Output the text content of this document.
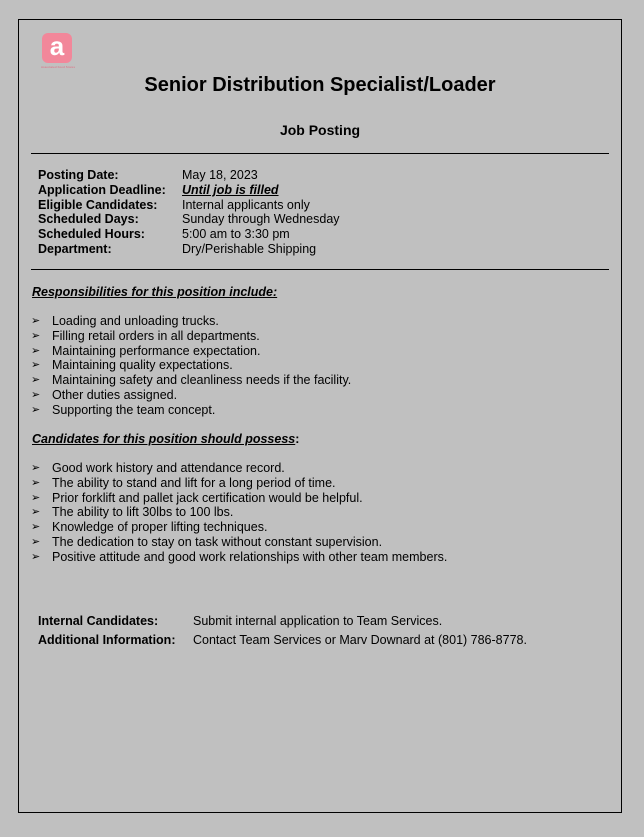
a
Associated Food Stores
Senior Distribution Specialist/Loader
Job Posting
Posting Date:	May 18, 2023
Application Deadline:	Until job is filled
Eligible Candidates:	Internal applicants only
Scheduled Days:	Sunday through Wednesday
Scheduled Hours:	5:00 am to 3:30 pm
Department:	Dry/Perishable Shipping
Responsibilities for this position include:
➢ Loading and unloading trucks.
➢ Filling retail orders in all departments.
➢ Maintaining performance expectation.
➢ Maintaining quality expectations.
➢ Maintaining safety and cleanliness needs if the facility.
➢ Other duties assigned.
➢ Supporting the team concept.
Candidates for this position should possess:
➢ Good work history and attendance record.
➢ The ability to stand and lift for a long period of time.
➢ Prior forklift and pallet jack certification would be helpful.
➢ The ability to lift 30lbs to 100 lbs.
➢ Knowledge of proper lifting techniques.
➢ The dedication to stay on task without constant supervision.
➢ Positive attitude and good work relationships with other team members.
Internal Candidates:	Submit internal application to Team Services.
Additional Information:	Contact Team Services or Marv Downard at (801) 786-8778.
